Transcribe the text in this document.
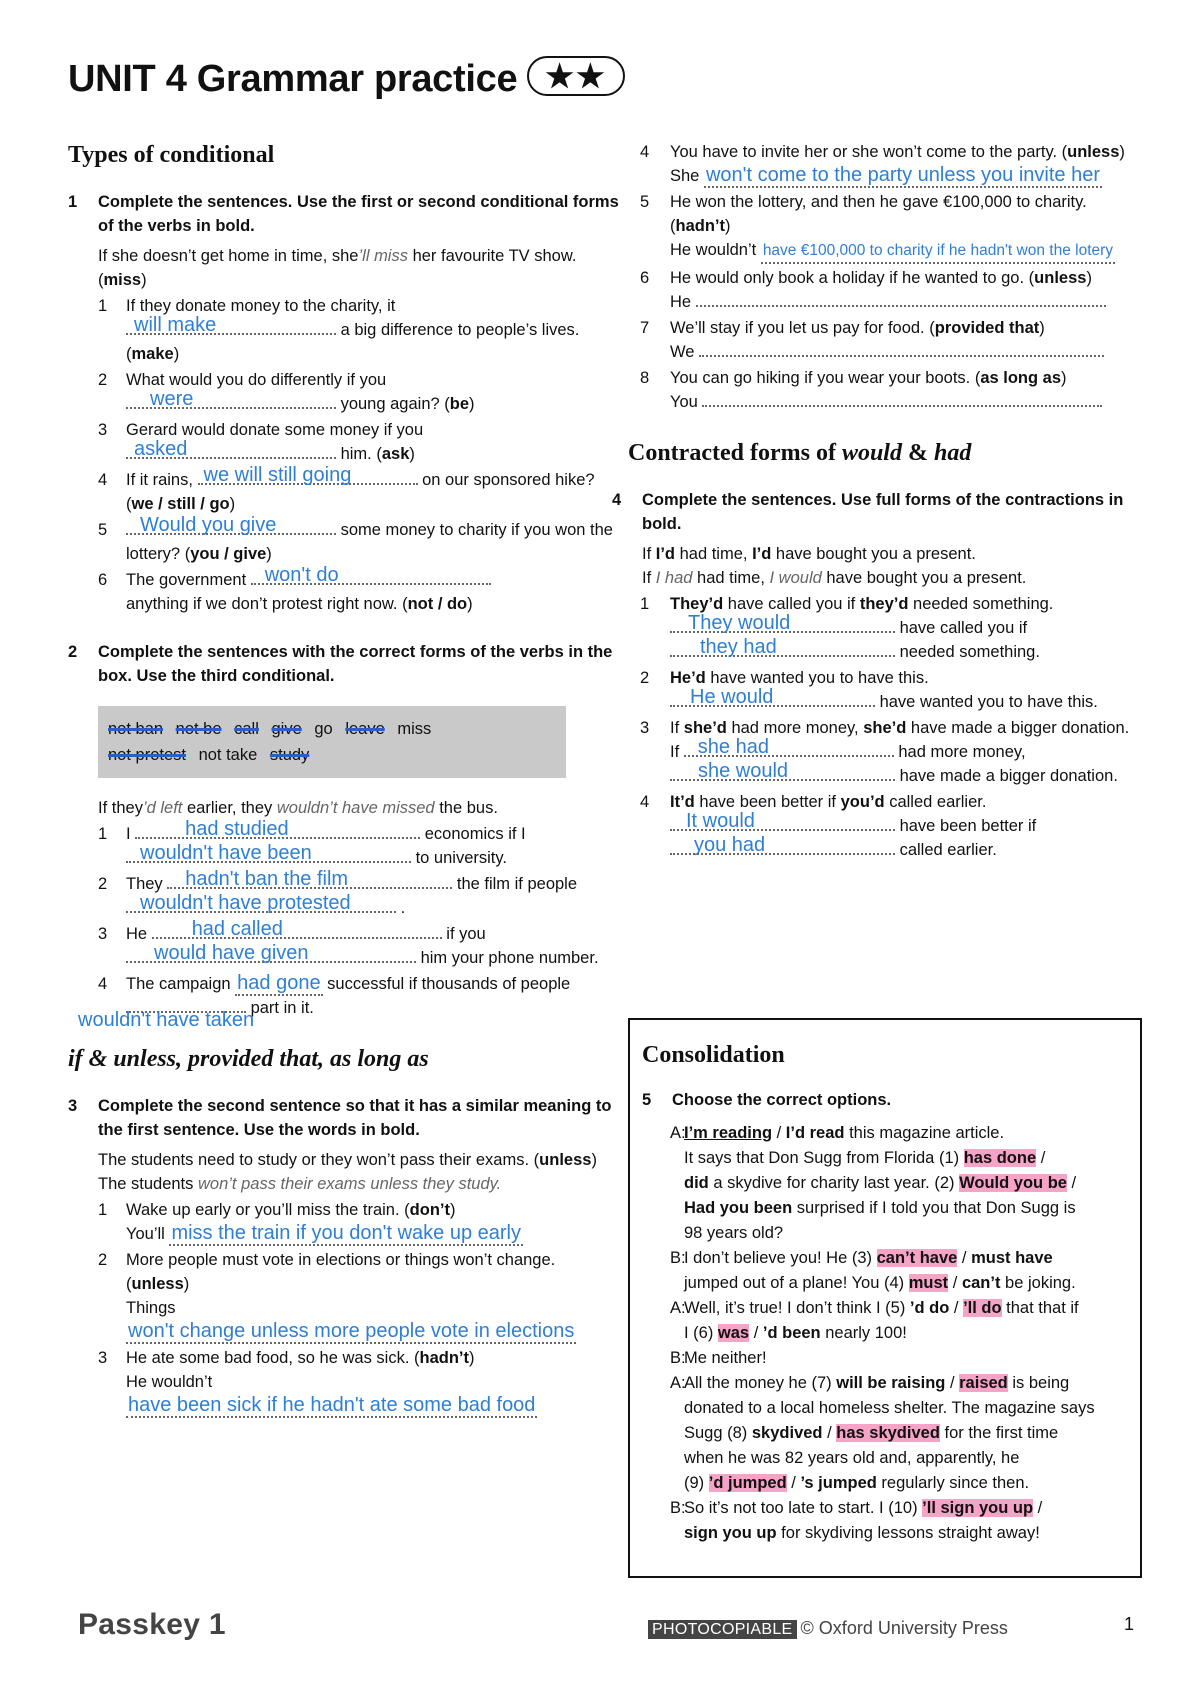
UNIT 4 Grammar practice ★★
Types of conditional

1 Complete the sentences. Use the first or second conditional forms of the verbs in bold.

If she doesn’t get home in time, she’ll miss her favourite TV show. (miss)

1 If they donate money to the charity, it

will make	a big difference to people’s lives. (make)
2 What would you do differently if you

were	young again? (be)
3 Gerard would donate some money if you

asked	him. (ask)
4 If it rains, we will still going	on our sponsored hike? (we / still / go)
5 Would you give	some money to charity if you won the lottery? (you / give)
6 The government won't do

anything if we don’t protest right now. (not / do)

2 Complete the sentences with the correct forms of the verbs in the box. Use the third conditional.

not ban not be call give go leave miss
not protest not take study

If they’d left earlier, they wouldn’t have missed the bus.

1 I	had studied	economics if I

wouldn't have been	to university.
2 They hadn't ban the film	the film if people
wouldn't have protested	.
3 He had called	if you

would have given	him your phone number.
4 The campaign had gone successful if thousands of people
wouldn't have taken
part in it.
if & unless, provided that, as long as

3 Complete the second sentence so that it has a similar meaning to the first sentence. Use the words in bold.

The students need to study or they won’t pass their exams. (unless)
The students won’t pass their exams unless they study.

1 Wake up early or you’ll miss the train. (don’t)
You’ll miss the train if you don't wake up early
2 More people must vote in elections or things won’t change. (unless)
Things won't change unless more people vote in elections
3 He ate some bad food, so he was sick. (hadn’t)
He wouldn’t have been sick if he hadn't ate some bad food
4 You have to invite her or she won’t come to the party. (unless)
She won't come to the party unless you invite her
5 He won the lottery, and then he gave €100,000 to charity. (hadn’t)
He wouldn’t have €100,000 to charity if he hadn't won the lotery
6 He would only book a holiday if he wanted to go. (unless)
He
7 We’ll stay if you let us pay for food. (provided that)
We
8 You can go hiking if you wear your boots. (as long as)
You
Contracted forms of would & had

4 Complete the sentences. Use full forms of the contractions in bold.

If I’d had time, I’d have bought you a present.
If I had had time, I would have bought you a present.

1 They’d have called you if they’d needed something.

They would	have called you if

they had	needed something.
2 He’d have wanted you to have this.

He would	have wanted you to have this.
3 If she’d had more money, she’d have made a bigger donation.
If she had	had more money,

she would	have made a bigger donation.
4 It’d have been better if you’d called earlier.

It would	have been better if

you had	called earlier.
Consolidation

5 Choose the correct options.

A:
I’m reading / I’d read this magazine article.
It says that Don Sugg from Florida (1) has done /
did a skydive for charity last year. (2) Would you be /
Had you been surprised if I told you that Don Sugg is
98 years old?

B:
I don’t believe you! He (3) can’t have / must have
jumped out of a plane! You (4) must / can’t be joking.

A:
Well, it’s true! I don’t think I (5) ’d do / ’ll do that that if
I (6) was / ’d been nearly 100!

B:
Me neither!

A:
All the money he (7) will be raising / raised is being
donated to a local homeless shelter. The magazine says
Sugg (8) skydived / has skydived for the first time
when he was 82 years old and, apparently, he
(9) ’d jumped / ’s jumped regularly since then.

B:
So it’s not too late to start. I (10) ’ll sign you up /
sign you up for skydiving lessons straight away!

Passkey 1	PHOTOCOPIABLE © Oxford University Press	1
